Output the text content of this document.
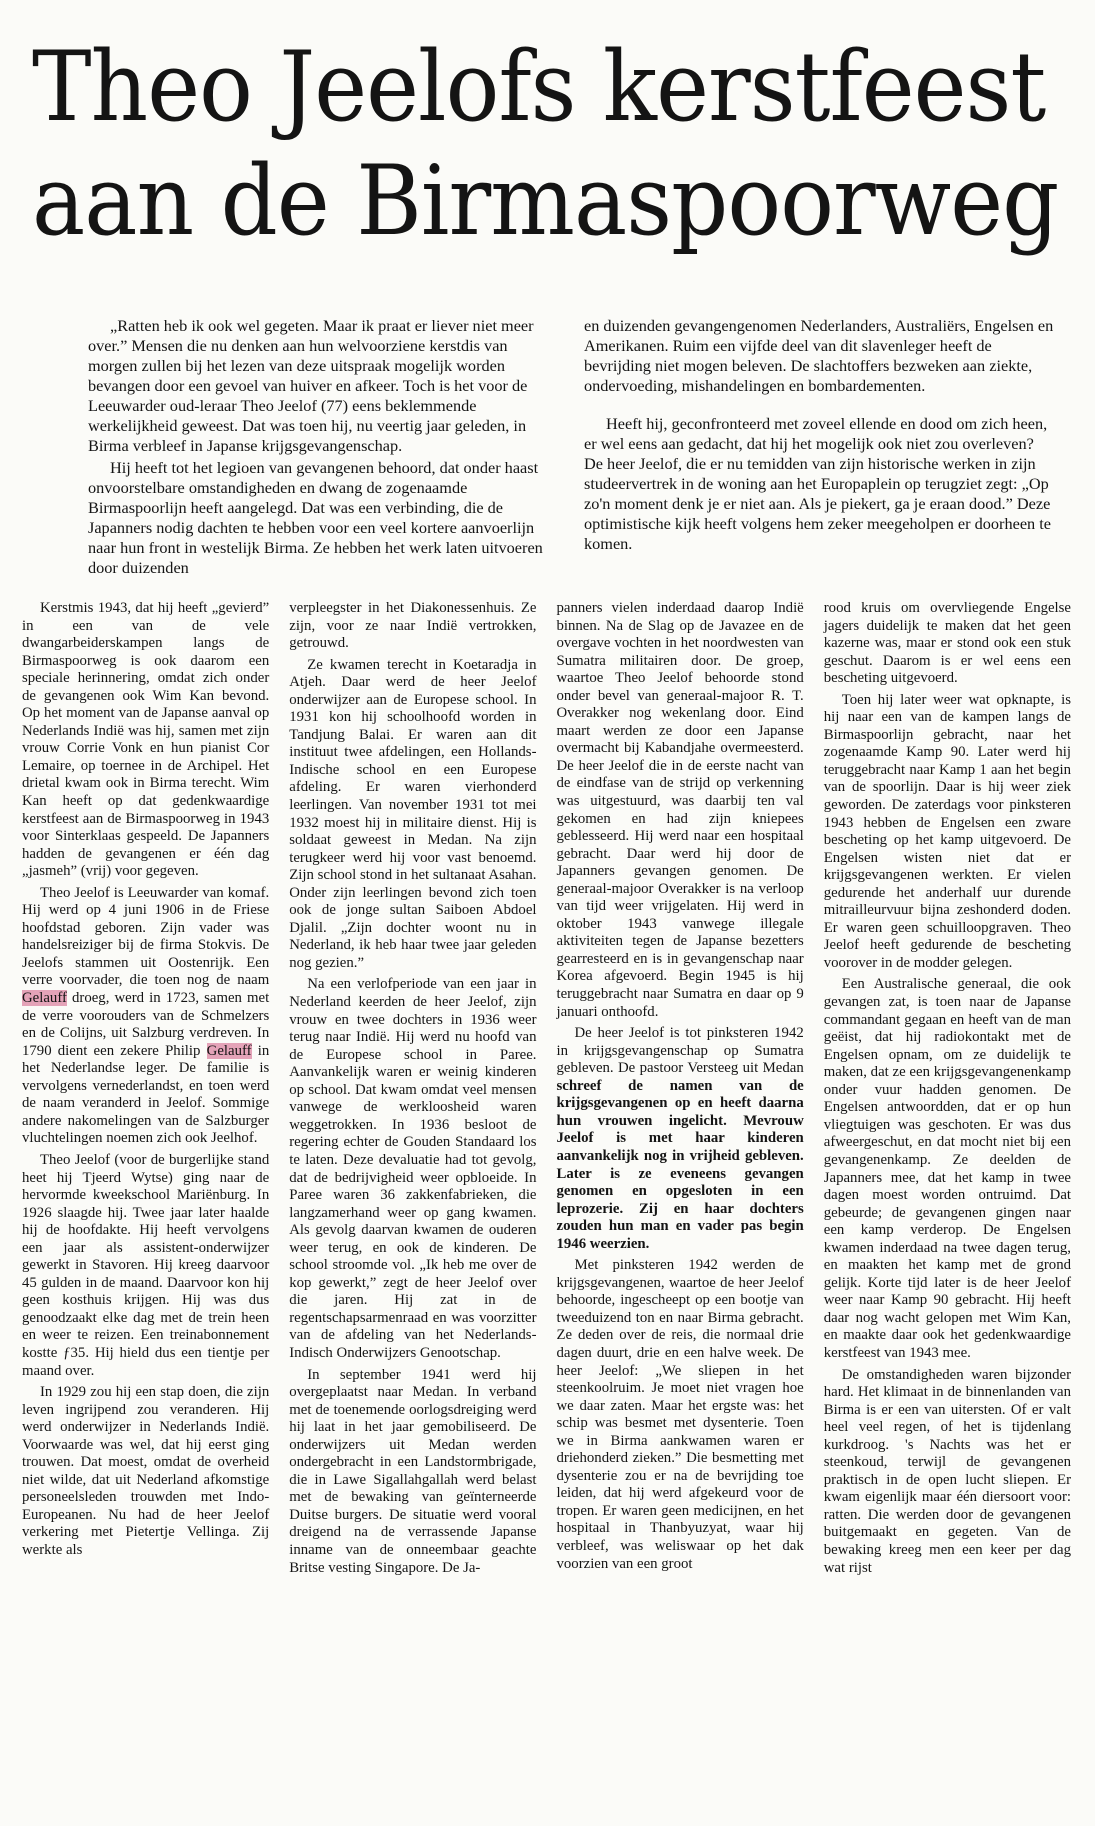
Theo Jeelofs kerstfeest
aan de Birmaspoorweg

„Ratten heb ik ook wel gegeten. Maar ik praat er liever niet meer over.” Mensen die nu denken aan hun welvoorziene kerstdis van morgen zullen bij het lezen van deze uitspraak mogelijk worden bevangen door een gevoel van huiver en afkeer. Toch is het voor de Leeuwarder oud-leraar Theo Jeelof (77) eens beklemmende werkelijkheid geweest. Dat was toen hij, nu veertig jaar geleden, in Birma verbleef in Japanse krijgsgevangenschap.

Hij heeft tot het legioen van gevangenen behoord, dat onder haast onvoorstelbare omstandigheden en dwang de zogenaamde Birmaspoorlijn heeft aangelegd. Dat was een verbinding, die de Japanners nodig dachten te hebben voor een veel kortere aanvoerlijn naar hun front in westelijk Birma. Ze hebben het werk laten uitvoeren door duizenden

en duizenden gevangengenomen Nederlanders, Australiërs, Engelsen en Amerikanen. Ruim een vijfde deel van dit slavenleger heeft de bevrijding niet mogen beleven. De slachtoffers bezweken aan ziekte, ondervoeding, mishandelingen en bombardementen.

Heeft hij, geconfronteerd met zoveel ellende en dood om zich heen, er wel eens aan gedacht, dat hij het mogelijk ook niet zou overleven? De heer Jeelof, die er nu temidden van zijn historische werken in zijn studeervertrek in de woning aan het Europaplein op terugziet zegt: „Op zo'n moment denk je er niet aan. Als je piekert, ga je eraan dood.” Deze optimistische kijk heeft volgens hem zeker meegeholpen er doorheen te komen.

Kerstmis 1943, dat hij heeft „gevierd” in een van de vele dwangarbeiderskampen langs de Birmaspoorweg is ook daarom een speciale herinnering, omdat zich onder de gevangenen ook Wim Kan bevond. Op het moment van de Japanse aanval op Nederlands Indië was hij, samen met zijn vrouw Corrie Vonk en hun pianist Cor Lemaire, op toernee in de Archipel. Het drietal kwam ook in Birma terecht. Wim Kan heeft op dat gedenkwaardige kerstfeest aan de Birmaspoorweg in 1943 voor Sinterklaas gespeeld. De Japanners hadden de gevangenen er één dag „jasmeh” (vrij) voor gegeven.

Theo Jeelof is Leeuwarder van komaf. Hij werd op 4 juni 1906 in de Friese hoofdstad geboren. Zijn vader was handelsreiziger bij de firma Stokvis. De Jeelofs stammen uit Oostenrijk. Een verre voorvader, die toen nog de naam Gelauff droeg, werd in 1723, samen met de verre voorouders van de Schmelzers en de Colijns, uit Salzburg verdreven. In 1790 dient een zekere Philip Gelauff in het Nederlandse leger. De familie is vervolgens vernederlandst, en toen werd de naam veranderd in Jeelof. Sommige andere nakomelingen van de Salzburger vluchtelingen noemen zich ook Jeelhof.

Theo Jeelof (voor de burgerlijke stand heet hij Tjeerd Wytse) ging naar de hervormde kweekschool Mariënburg. In 1926 slaagde hij. Twee jaar later haalde hij de hoofdakte. Hij heeft vervolgens een jaar als assistent-onderwijzer gewerkt in Stavoren. Hij kreeg daarvoor 45 gulden in de maand. Daarvoor kon hij geen kosthuis krijgen. Hij was dus genoodzaakt elke dag met de trein heen en weer te reizen. Een treinabonnement kostte ƒ35. Hij hield dus een tientje per maand over.

In 1929 zou hij een stap doen, die zijn leven ingrijpend zou veranderen. Hij werd onderwijzer in Nederlands Indië. Voorwaarde was wel, dat hij eerst ging trouwen. Dat moest, omdat de overheid niet wilde, dat uit Nederland afkomstige personeelsleden trouwden met Indo-Europeanen. Nu had de heer Jeelof verkering met Pietertje Vellinga. Zij werkte als

verpleegster in het Diakonessenhuis. Ze zijn, voor ze naar Indië vertrokken, getrouwd.

Ze kwamen terecht in Koetaradja in Atjeh. Daar werd de heer Jeelof onderwijzer aan de Europese school. In 1931 kon hij schoolhoofd worden in Tandjung Balai. Er waren aan dit instituut twee afdelingen, een Hollands-Indische school en een Europese afdeling. Er waren vierhonderd leerlingen. Van november 1931 tot mei 1932 moest hij in militaire dienst. Hij is soldaat geweest in Medan. Na zijn terugkeer werd hij voor vast benoemd. Zijn school stond in het sultanaat Asahan. Onder zijn leerlingen bevond zich toen ook de jonge sultan Saiboen Abdoel Djalil. „Zijn dochter woont nu in Nederland, ik heb haar twee jaar geleden nog gezien.”

Na een verlofperiode van een jaar in Nederland keerden de heer Jeelof, zijn vrouw en twee dochters in 1936 weer terug naar Indië. Hij werd nu hoofd van de Europese school in Paree. Aanvankelijk waren er weinig kinderen op school. Dat kwam omdat veel mensen vanwege de werkloosheid waren weggetrokken. In 1936 besloot de regering echter de Gouden Standaard los te laten. Deze devaluatie had tot gevolg, dat de bedrijvigheid weer opbloeide. In Paree waren 36 zakkenfabrieken, die langzamerhand weer op gang kwamen. Als gevolg daarvan kwamen de ouderen weer terug, en ook de kinderen. De school stroomde vol. „Ik heb me over de kop gewerkt,” zegt de heer Jeelof over die jaren. Hij zat in de regentschapsarmenraad en was voorzitter van de afdeling van het Nederlands-Indisch Onderwijzers Genootschap.

In september 1941 werd hij overgeplaatst naar Medan. In verband met de toenemende oorlogsdreiging werd hij laat in het jaar gemobiliseerd. De onderwijzers uit Medan werden ondergebracht in een Landstormbrigade, die in Lawe Sigallahgallah werd belast met de bewaking van geïnterneerde Duitse burgers. De situatie werd vooral dreigend na de verrassende Japanse inname van de onneembaar geachte Britse vesting Singapore. De Ja-

panners vielen inderdaad daarop Indië binnen. Na de Slag op de Javazee en de overgave vochten in het noordwesten van Sumatra militairen door. De groep, waartoe Theo Jeelof behoorde stond onder bevel van generaal-majoor R. T. Overakker nog wekenlang door. Eind maart werden ze door een Japanse overmacht bij Kabandjahe overmeesterd. De heer Jeelof die in de eerste nacht van de eindfase van de strijd op verkenning was uitgestuurd, was daarbij ten val gekomen en had zijn kniepees geblesseerd. Hij werd naar een hospitaal gebracht. Daar werd hij door de Japanners gevangen genomen. De generaal-majoor Overakker is na verloop van tijd weer vrijgelaten. Hij werd in oktober 1943 vanwege illegale aktiviteiten tegen de Japanse bezetters gearresteerd en is in gevangenschap naar Korea afgevoerd. Begin 1945 is hij teruggebracht naar Sumatra en daar op 9 januari onthoofd.

De heer Jeelof is tot pinksteren 1942 in krijgsgevangenschap op Sumatra gebleven. De pastoor Versteeg uit Medan schreef de namen van de krijgsgevangenen op en heeft daarna hun vrouwen ingelicht. Mevrouw Jeelof is met haar kinderen aanvankelijk nog in vrijheid gebleven. Later is ze eveneens gevangen genomen en opgesloten in een leprozerie. Zij en haar dochters zouden hun man en vader pas begin 1946 weerzien.

Met pinksteren 1942 werden de krijgsgevangenen, waartoe de heer Jeelof behoorde, ingescheept op een bootje van tweeduizend ton en naar Birma gebracht. Ze deden over de reis, die normaal drie dagen duurt, drie en een halve week. De heer Jeelof: „We sliepen in het steenkoolruim. Je moet niet vragen hoe we daar zaten. Maar het ergste was: het schip was besmet met dysenterie. Toen we in Birma aankwamen waren er driehonderd zieken.” Die besmetting met dysenterie zou er na de bevrijding toe leiden, dat hij werd afgekeurd voor de tropen. Er waren geen medicijnen, en het hospitaal in Thanbyuzyat, waar hij verbleef, was weliswaar op het dak voorzien van een groot

rood kruis om overvliegende Engelse jagers duidelijk te maken dat het geen kazerne was, maar er stond ook een stuk geschut. Daarom is er wel eens een bescheting uitgevoerd.

Toen hij later weer wat opknapte, is hij naar een van de kampen langs de Birmaspoorlijn gebracht, naar het zogenaamde Kamp 90. Later werd hij teruggebracht naar Kamp 1 aan het begin van de spoorlijn. Daar is hij weer ziek geworden. De zaterdags voor pinksteren 1943 hebben de Engelsen een zware bescheting op het kamp uitgevoerd. De Engelsen wisten niet dat er krijgsgevangenen werkten. Er vielen gedurende het anderhalf uur durende mitrailleurvuur bijna zeshonderd doden. Er waren geen schuilloopgraven. Theo Jeelof heeft gedurende de bescheting voorover in de modder gelegen.

Een Australische generaal, die ook gevangen zat, is toen naar de Japanse commandant gegaan en heeft van de man geëist, dat hij radiokontakt met de Engelsen opnam, om ze duidelijk te maken, dat ze een krijgsgevangenenkamp onder vuur hadden genomen. De Engelsen antwoordden, dat er op hun vliegtuigen was geschoten. Er was dus afweergeschut, en dat mocht niet bij een gevangenenkamp. Ze deelden de Japanners mee, dat het kamp in twee dagen moest worden ontruimd. Dat gebeurde; de gevangenen gingen naar een kamp verderop. De Engelsen kwamen inderdaad na twee dagen terug, en maakten het kamp met de grond gelijk. Korte tijd later is de heer Jeelof weer naar Kamp 90 gebracht. Hij heeft daar nog wacht gelopen met Wim Kan, en maakte daar ook het gedenkwaardige kerstfeest van 1943 mee.

De omstandigheden waren bijzonder hard. Het klimaat in de binnenlanden van Birma is er een van uitersten. Of er valt heel veel regen, of het is tijdenlang kurkdroog. 's Nachts was het er steenkoud, terwijl de gevangenen praktisch in de open lucht sliepen. Er kwam eigenlijk maar één diersoort voor: ratten. Die werden door de gevangenen buitgemaakt en gegeten. Van de bewaking kreeg men een keer per dag wat rijst
